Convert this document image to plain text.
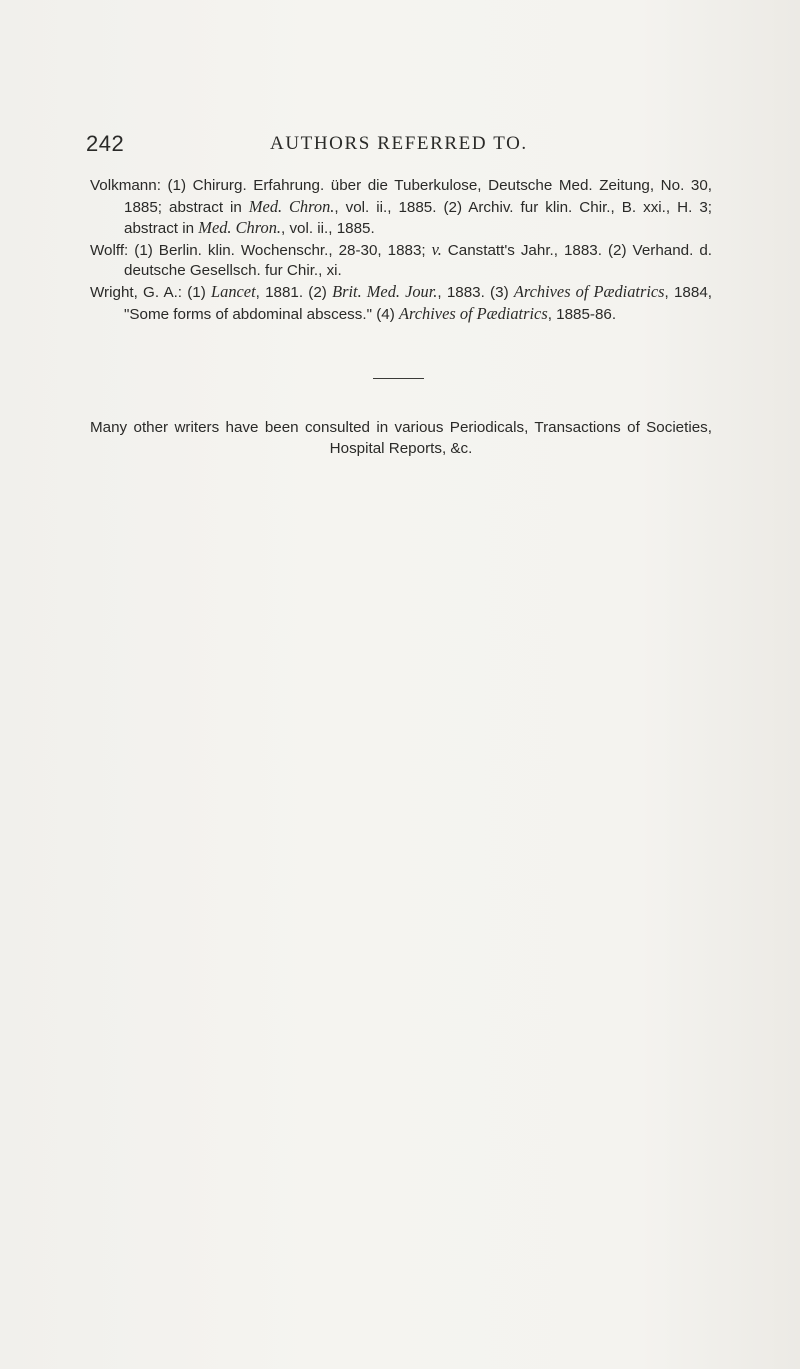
242	AUTHORS REFERRED TO.

Volkmann: (1) Chirurg. Erfahrung. über die Tuberkulose, Deutsche Med. Zeitung, No. 30, 1885; abstract in Med. Chron., vol. ii., 1885. (2) Archiv. fur klin. Chir., B. xxi., H. 3; abstract in Med. Chron., vol. ii., 1885.

Wolff: (1) Berlin. klin. Wochenschr., 28-30, 1883; v. Canstatt's Jahr., 1883. (2) Verhand. d. deutsche Gesellsch. fur Chir., xi.

Wright, G. A.: (1) Lancet, 1881. (2) Brit. Med. Jour., 1883. (3) Archives of Pædiatrics, 1884, "Some forms of abdominal abscess." (4) Archives of Pædiatrics, 1885-86.

Many other writers have been consulted in various Periodicals, Transactions of Societies, Hospital Reports, &c.
